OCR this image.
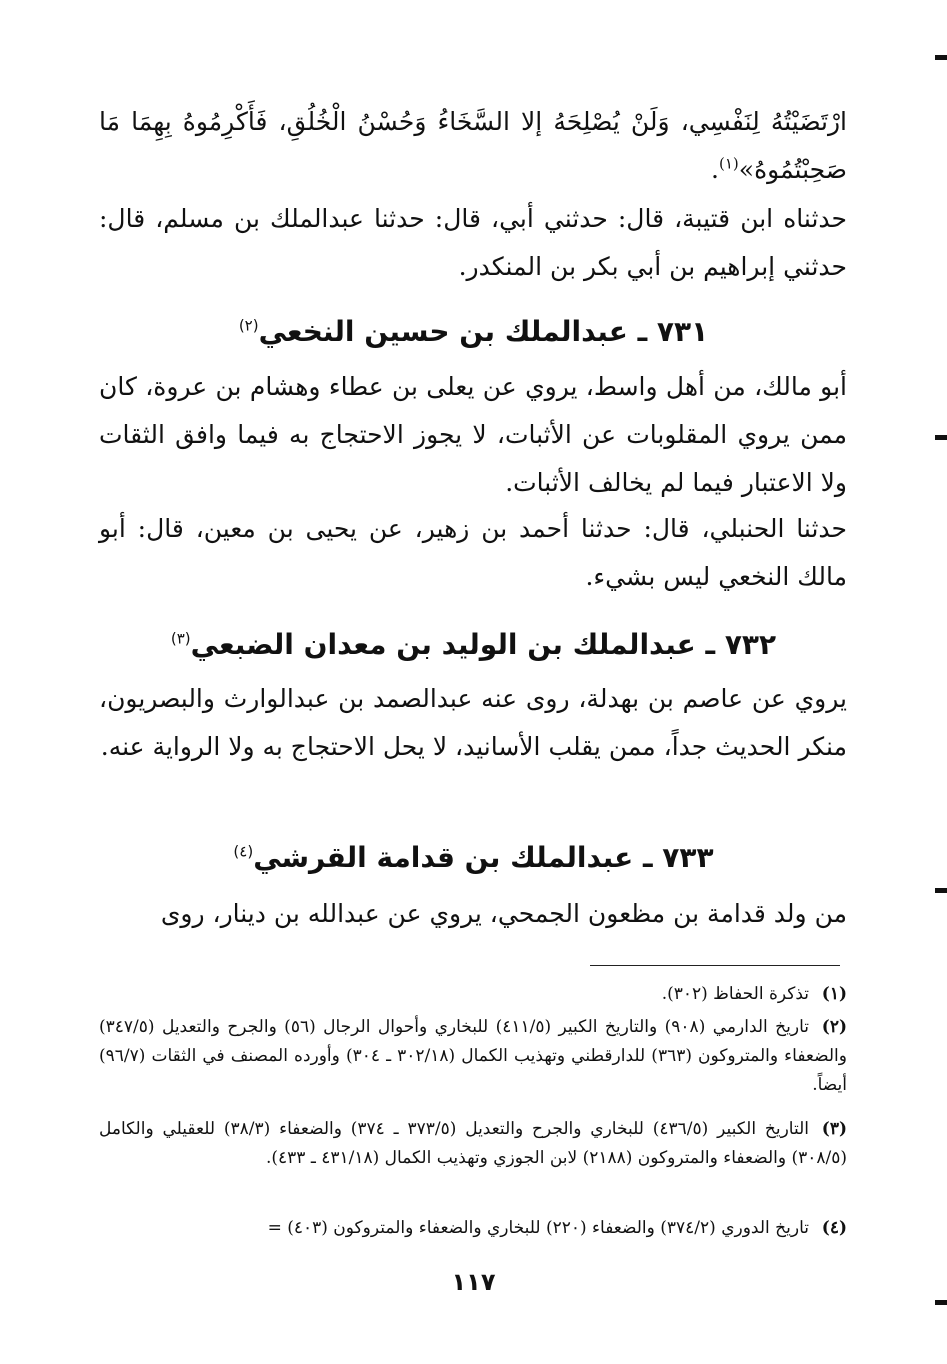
ارْتَضَيْتُهُ لِنَفْسِي، وَلَنْ يُصْلِحَهُ إلا السَّخَاءُ وَحُسْنُ الْخُلُقِ، فَأَكْرِمُوهُ بِهِمَا مَا صَحِبْتُمُوهُ»$^{(١)}$.

حدثناه ابن قتيبة، قال: حدثني أبي، قال: حدثنا عبدالملك بن مسلم، قال: حدثني إبراهيم بن أبي بكر بن المنكدر.

٧٣١ ـ عبدالملك بن حسين النخعي$^{(٢)}$

أبو مالك، من أهل واسط، يروي عن يعلى بن عطاء وهشام بن عروة، كان ممن يروي المقلوبات عن الأثبات، لا يجوز الاحتجاج به فيما وافق الثقات ولا الاعتبار فيما لم يخالف الأثبات.

حدثنا الحنبلي، قال: حدثنا أحمد بن زهير، عن يحيى بن معين، قال: أبو مالك النخعي ليس بشيء.

٧٣٢ ـ عبدالملك بن الوليد بن معدان الضبعي$^{(٣)}$

يروي عن عاصم بن بهدلة، روى عنه عبدالصمد بن عبدالوارث والبصريون، منكر الحديث جداً، ممن يقلب الأسانيد، لا يحل الاحتجاج به ولا الرواية عنه.

٧٣٣ ـ عبدالملك بن قدامة القرشي$^{(٤)}$

من ولد قدامة بن مظعون الجمحي، يروي عن عبدالله بن دينار، روى

(١)تذكرة الحفاظ (٣٠٢).
(٢)تاريخ الدارمي (٩٠٨) والتاريخ الكبير (٤١١/٥) للبخاري وأحوال الرجال (٥٦) والجرح والتعديل (٣٤٧/٥) والضعفاء والمتروكون (٣٦٣) للدارقطني وتهذيب الكمال (٣٠٢/١٨ ـ ٣٠٤) وأورده المصنف في الثقات (٩٦/٧) أيضاً.
(٣)التاريخ الكبير (٤٣٦/٥) للبخاري والجرح والتعديل (٣٧٣/٥ ـ ٣٧٤) والضعفاء (٣٨/٣) للعقيلي والكامل (٣٠٨/٥) والضعفاء والمتروكون (٢١٨٨) لابن الجوزي وتهذيب الكمال (٤٣١/١٨ ـ ٤٣٣).
(٤)تاريخ الدوري (٣٧٤/٢) والضعفاء (٢٢٠) للبخاري والضعفاء والمتروكون (٤٠٣) =
١١٧
